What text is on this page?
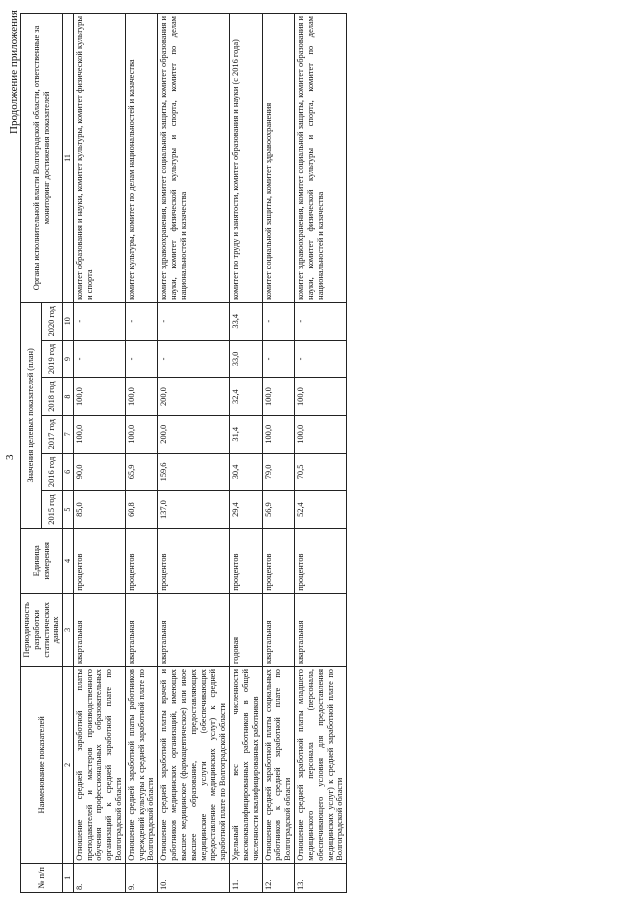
3
Продолжение приложения
№ п/п	Наименование показателей	Периодичность разработки статистических данных	Единица измерения	Значения целевых показателей (план)						Органы исполнительной власти Волгоградской области, ответственные за мониторинг достижения показателей
				2015 год	2016 год	2017 год	2018 год	2019 год	2020 год	
1	2	3	4	5	6	7	8	9	10	11
8.	Отношение средней заработной платы преподавателей и мастеров производственного обучения профессиональных образовательных организаций к средней заработной плате по Волгоградской области	квартальная	процентов	85,0	90,0	100,0	100,0	-	-	комитет образования и науки, комитет культуры, комитет физической культуры и спорта
9.	Отношение средней заработной платы работников учреждений культуры к средней заработной плате по Волгоградской области	квартальная	процентов	60,8	65,9	100,0	100,0	-	-	комитет культуры, комитет по делам национальностей и казачества
10.	Отношение средней заработной платы врачей и работников медицинских организаций, имеющих высшее медицинское (фармацевтическое) или иное высшее образование, предоставляющих медицинские услуги (обеспечивающих предоставление медицинских услуг) к средней заработной плате по Волгоградской области	квартальная	процентов	137,0	159,6	200,0	200,0	-	-	комитет здравоохранения, комитет социальной защиты, комитет образования и науки, комитет физической культуры и спорта, комитет по делам национальностей и казачества
11.	Удельный вес численности высококвалифицированных работников в общей численности квалифицированных работников	годовая	процентов	29,4	30,4	31,4	32,4	33,0	33,4	комитет по труду и занятости, комитет образования и науки (с 2016 года)
12.	Отношение средней заработной платы социальных работников к средней заработной плате по Волгоградской области	квартальная	процентов	56,9	79,0	100,0	100,0	-	-	комитет социальной защиты, комитет здравоохранения
13.	Отношение средней заработной платы младшего медицинского персонала (персонала, обеспечивающего условия для предоставления медицинских услуг) к средней заработной плате по Волгоградской области	квартальная	процентов	52,4	70,5	100,0	100,0	-	-	комитет здравоохранения, комитет социальной защиты, комитет образования и науки, комитет физической культуры и спорта, комитет по делам национальностей и казачества
